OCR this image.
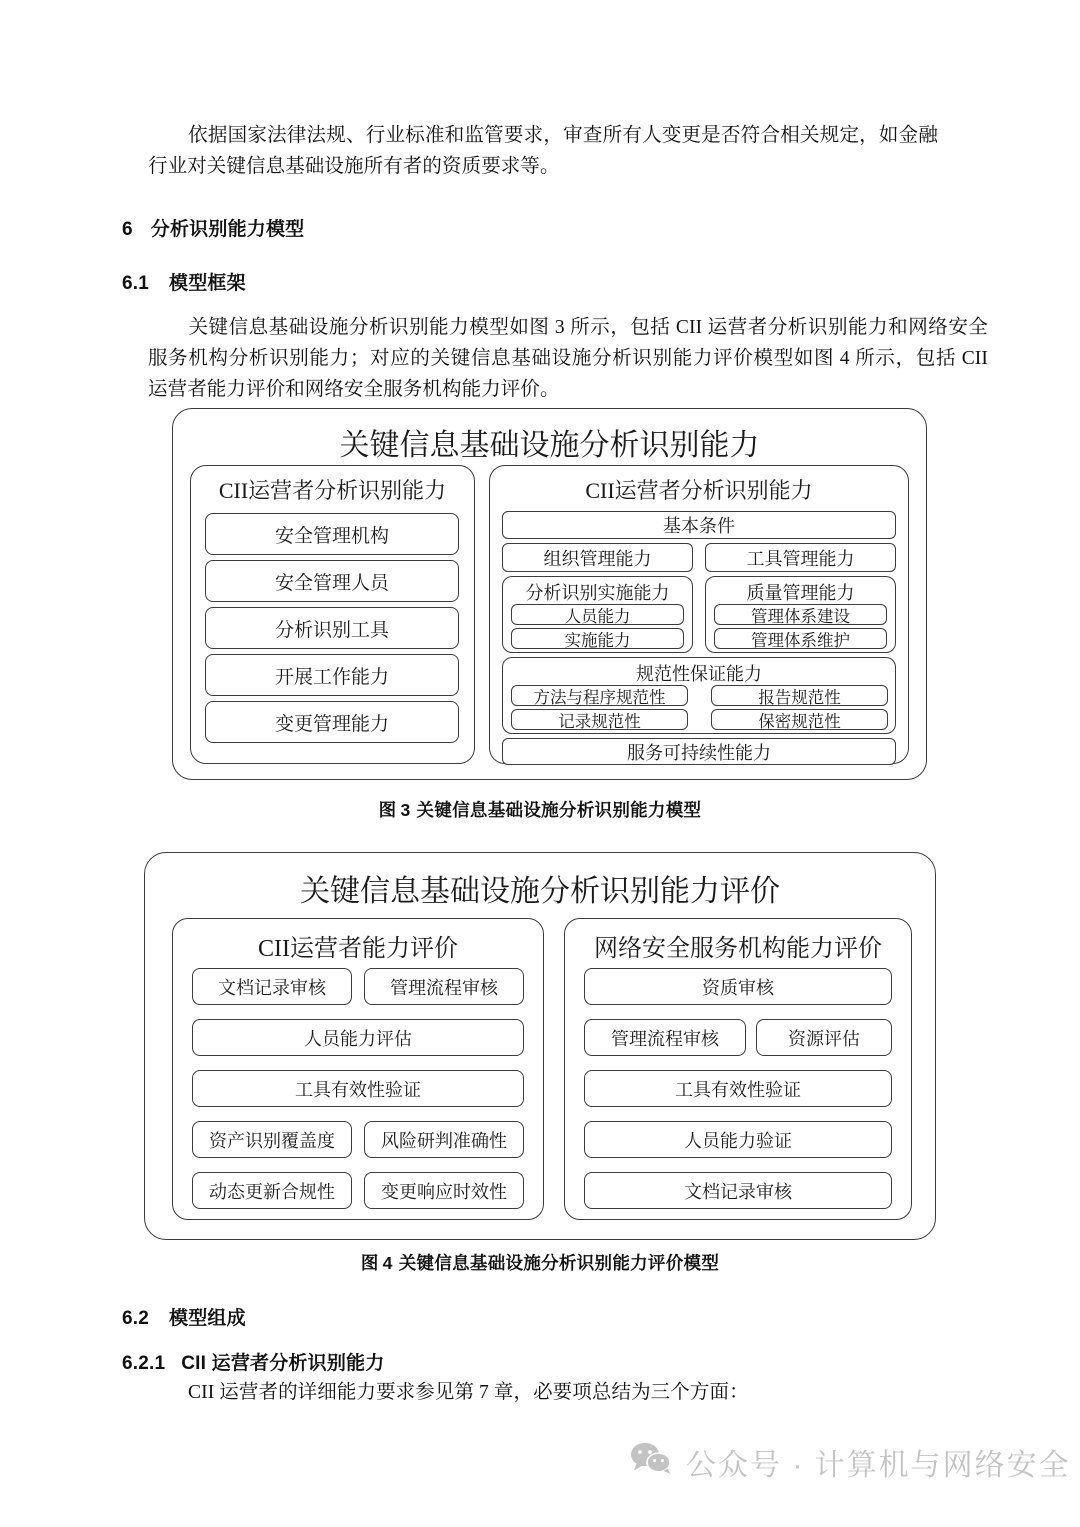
依据国家法律法规、行业标准和监管要求，审查所有人变更是否符合相关规定，如金融行业对关键信息基础设施所有者的资质要求等。
6 分析识别能力模型
6.1 模型框架
关键信息基础设施分析识别能力模型如图 3 所示，包括 CII 运营者分析识别能力和网络安全服务机构分析识别能力；对应的关键信息基础设施分析识别能力评价模型如图 4 所示，包括 CII 运营者能力评价和网络安全服务机构能力评价。
关键信息基础设施分析识别能力
CII运营者分析识别能力
安全管理机构
安全管理人员
分析识别工具
开展工作能力
变更管理能力
CII运营者分析识别能力
基本条件
组织管理能力	工具管理能力
分析识别实施能力
人员能力
实施能力
质量管理能力
管理体系建设
管理体系维护
规范性保证能力
方法与程序规范性	报告规范性
记录规范性	保密规范性
服务可持续性能力
图 3 关键信息基础设施分析识别能力模型
关键信息基础设施分析识别能力评价
CII运营者能力评价
文档记录审核	管理流程审核
人员能力评估
工具有效性验证
资产识别覆盖度	风险研判准确性
动态更新合规性	变更响应时效性
网络安全服务机构能力评价
资质审核
管理流程审核	资源评估
工具有效性验证
人员能力验证
文档记录审核
图 4 关键信息基础设施分析识别能力评价模型
6.2 模型组成
6.2.1 CII 运营者分析识别能力
CII 运营者的详细能力要求参见第 7 章，必要项总结为三个方面：
公众号 · 计算机与网络安全
